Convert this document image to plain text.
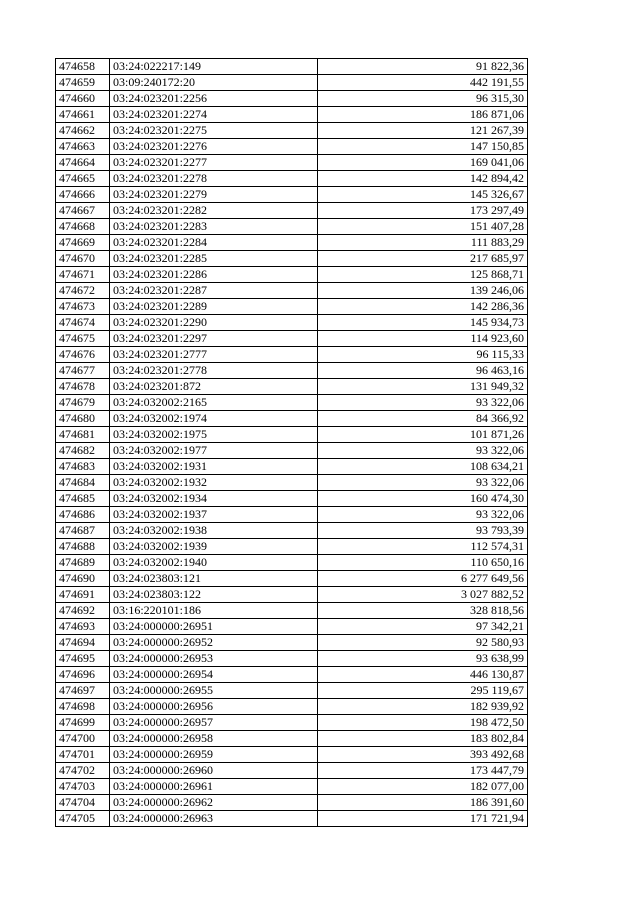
474658	03:24:022217:149	91 822,36
474659	03:09:240172:20	442 191,55
474660	03:24:023201:2256	96 315,30
474661	03:24:023201:2274	186 871,06
474662	03:24:023201:2275	121 267,39
474663	03:24:023201:2276	147 150,85
474664	03:24:023201:2277	169 041,06
474665	03:24:023201:2278	142 894,42
474666	03:24:023201:2279	145 326,67
474667	03:24:023201:2282	173 297,49
474668	03:24:023201:2283	151 407,28
474669	03:24:023201:2284	111 883,29
474670	03:24:023201:2285	217 685,97
474671	03:24:023201:2286	125 868,71
474672	03:24:023201:2287	139 246,06
474673	03:24:023201:2289	142 286,36
474674	03:24:023201:2290	145 934,73
474675	03:24:023201:2297	114 923,60
474676	03:24:023201:2777	96 115,33
474677	03:24:023201:2778	96 463,16
474678	03:24:023201:872	131 949,32
474679	03:24:032002:2165	93 322,06
474680	03:24:032002:1974	84 366,92
474681	03:24:032002:1975	101 871,26
474682	03:24:032002:1977	93 322,06
474683	03:24:032002:1931	108 634,21
474684	03:24:032002:1932	93 322,06
474685	03:24:032002:1934	160 474,30
474686	03:24:032002:1937	93 322,06
474687	03:24:032002:1938	93 793,39
474688	03:24:032002:1939	112 574,31
474689	03:24:032002:1940	110 650,16
474690	03:24:023803:121	6 277 649,56
474691	03:24:023803:122	3 027 882,52
474692	03:16:220101:186	328 818,56
474693	03:24:000000:26951	97 342,21
474694	03:24:000000:26952	92 580,93
474695	03:24:000000:26953	93 638,99
474696	03:24:000000:26954	446 130,87
474697	03:24:000000:26955	295 119,67
474698	03:24:000000:26956	182 939,92
474699	03:24:000000:26957	198 472,50
474700	03:24:000000:26958	183 802,84
474701	03:24:000000:26959	393 492,68
474702	03:24:000000:26960	173 447,79
474703	03:24:000000:26961	182 077,00
474704	03:24:000000:26962	186 391,60
474705	03:24:000000:26963	171 721,94
